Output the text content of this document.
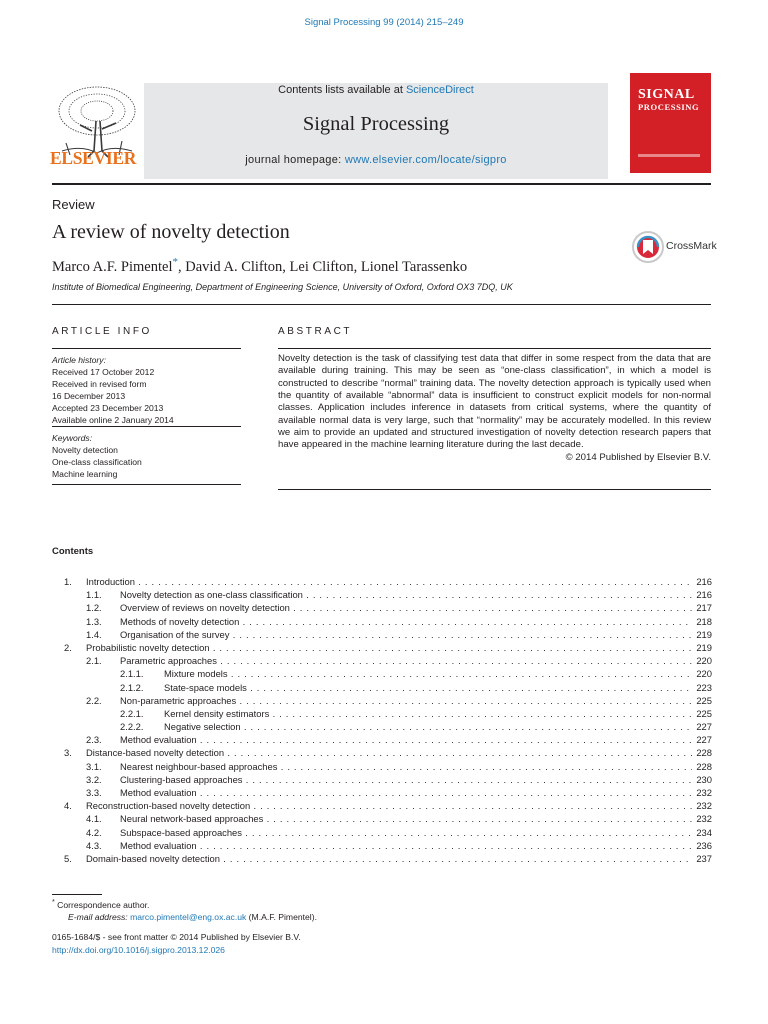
Signal Processing 99 (2014) 215–249
ELSEVIER
Contents lists available at ScienceDirect
Signal Processing
journal homepage: www.elsevier.com/locate/sigpro
SIGNAL
PROCESSING
Review
A review of novelty detection
CrossMark
Marco A.F. Pimentel*, David A. Clifton, Lei Clifton, Lionel Tarassenko
Institute of Biomedical Engineering, Department of Engineering Science, University of Oxford, Oxford OX3 7DQ, UK
ARTICLE INFO	ABSTRACT
Article history:
Received 17 October 2012
Received in revised form
16 December 2013
Accepted 23 December 2013
Available online 2 January 2014
Keywords:
Novelty detection
One-class classification
Machine learning
Novelty detection is the task of classifying test data that differ in some respect from the data that are available during training. This may be seen as “one-class classification”, in which a model is constructed to describe “normal” training data. The novelty detection approach is typically used when the quantity of available “abnormal” data is insufficient to construct explicit models for non-normal classes. Application includes inference in datasets from critical systems, where the quantity of available normal data is very large, such that “normality” may be accurately modelled. In this review we aim to provide an updated and structured investigation of novelty detection research papers that have appeared in the machine learning literature during the last decade.
© 2014 Published by Elsevier B.V.
Contents
1. Introduction . . .	216
1.1. Novelty detection as one-class classification . . .	216
1.2. Overview of reviews on novelty detection . . .	217
1.3. Methods of novelty detection . . .	218
1.4. Organisation of the survey . . .	219
2. Probabilistic novelty detection . . .	219
2.1. Parametric approaches . . .	220
2.1.1. Mixture models . . .	220
2.1.2. State-space models . . .	223
2.2. Non-parametric approaches . . .	225
2.2.1. Kernel density estimators . . .	225
2.2.2. Negative selection . . .	227
2.3. Method evaluation . . .	227
3. Distance-based novelty detection . . .	228
3.1. Nearest neighbour-based approaches . . .	228
3.2. Clustering-based approaches . . .	230
3.3. Method evaluation . . .	232
4. Reconstruction-based novelty detection . . .	232
4.1. Neural network-based approaches . . .	232
4.2. Subspace-based approaches . . .	234
4.3. Method evaluation . . .	236
5. Domain-based novelty detection . . .	237
* Correspondence author.
E-mail address: marco.pimentel@eng.ox.ac.uk (M.A.F. Pimentel).
0165-1684/$ - see front matter © 2014 Published by Elsevier B.V.
http://dx.doi.org/10.1016/j.sigpro.2013.12.026
